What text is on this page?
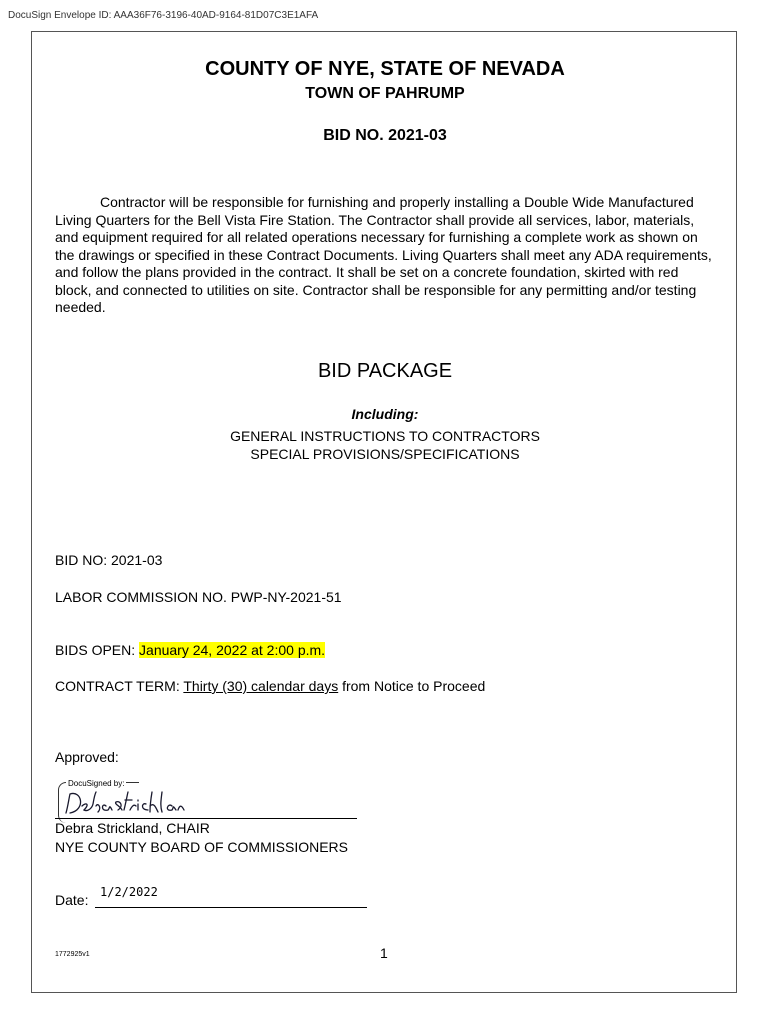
DocuSign Envelope ID: AAA36F76-3196-40AD-9164-81D07C3E1AFA
COUNTY OF NYE, STATE OF NEVADA
TOWN OF PAHRUMP
BID NO. 2021-03
Contractor will be responsible for furnishing and properly installing a Double Wide Manufactured Living Quarters for the Bell Vista Fire Station. The Contractor shall provide all services, labor, materials, and equipment required for all related operations necessary for furnishing a complete work as shown on the drawings or specified in these Contract Documents. Living Quarters shall meet any ADA requirements, and follow the plans provided in the contract. It shall be set on a concrete foundation, skirted with red block, and connected to utilities on site. Contractor shall be responsible for any permitting and/or testing needed.
BID PACKAGE
Including:
GENERAL INSTRUCTIONS TO CONTRACTORS
SPECIAL PROVISIONS/SPECIFICATIONS
BID NO: 2021-03
LABOR COMMISSION NO. PWP-NY-2021-51
BIDS OPEN: January 24, 2022 at 2:00 p.m.
CONTRACT TERM: Thirty (30) calendar days from Notice to Proceed
Approved:
DocuSigned by:
Debra Strickland, CHAIR
NYE COUNTY BOARD OF COMMISSIONERS
Date: 1/2/2022
1772925v1	1
